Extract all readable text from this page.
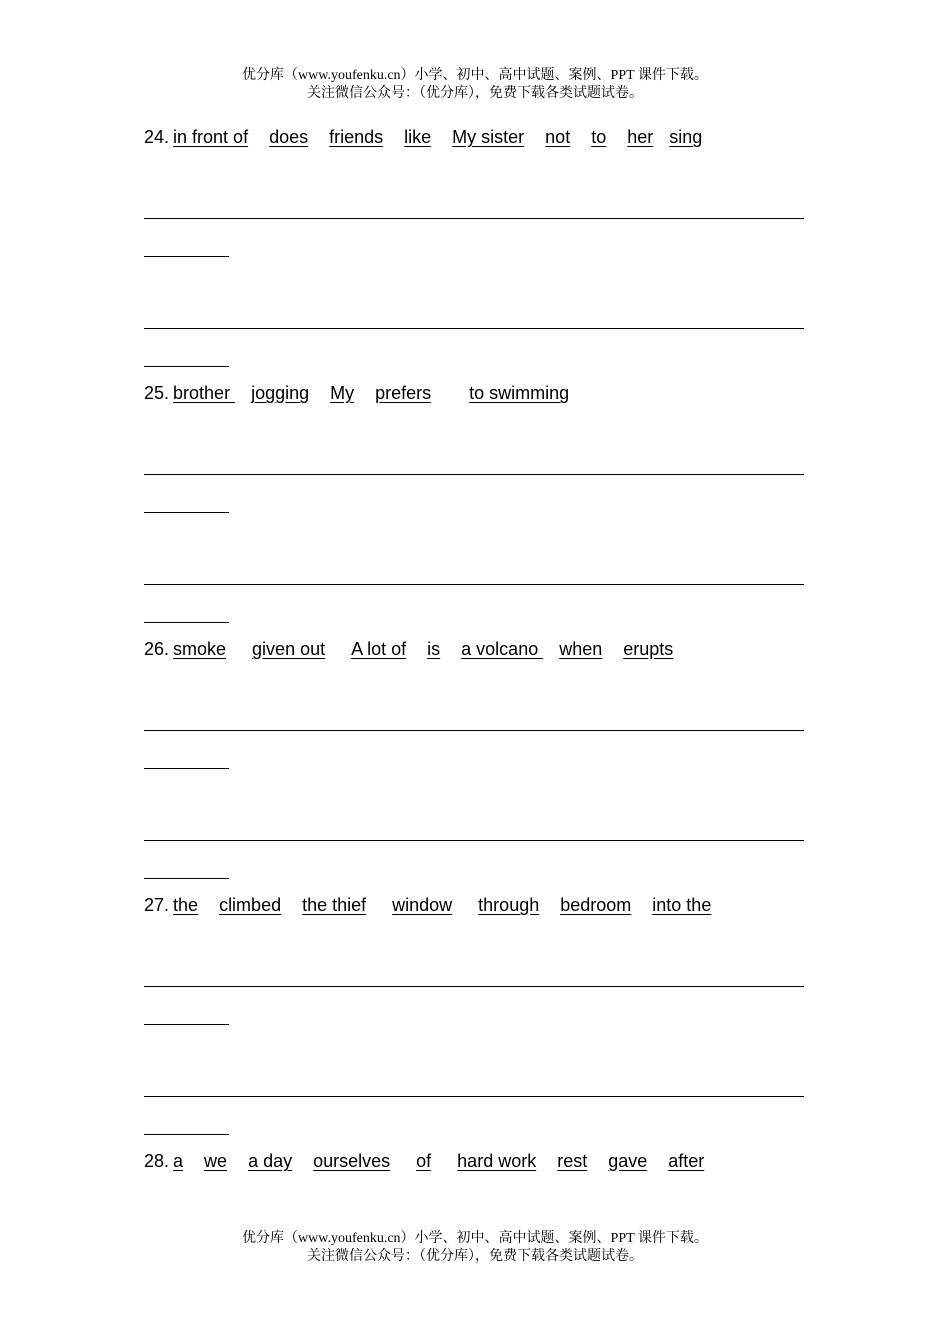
优分库（www.youfenku.cn）小学、初中、高中试题、案例、PPT 课件下载。
关注微信公众号：（优分库），免费下载各类试题试卷。
24. in front of does friends like My sister not to her sing
25. brother jogging My prefers to swimming
26. smoke given out A lot of is a volcano when erupts
27. the climbed the thief window through bedroom into the
28. a we a day ourselves of hard work rest gave after
优分库（www.youfenku.cn）小学、初中、高中试题、案例、PPT 课件下载。
关注微信公众号：（优分库），免费下载各类试题试卷。
